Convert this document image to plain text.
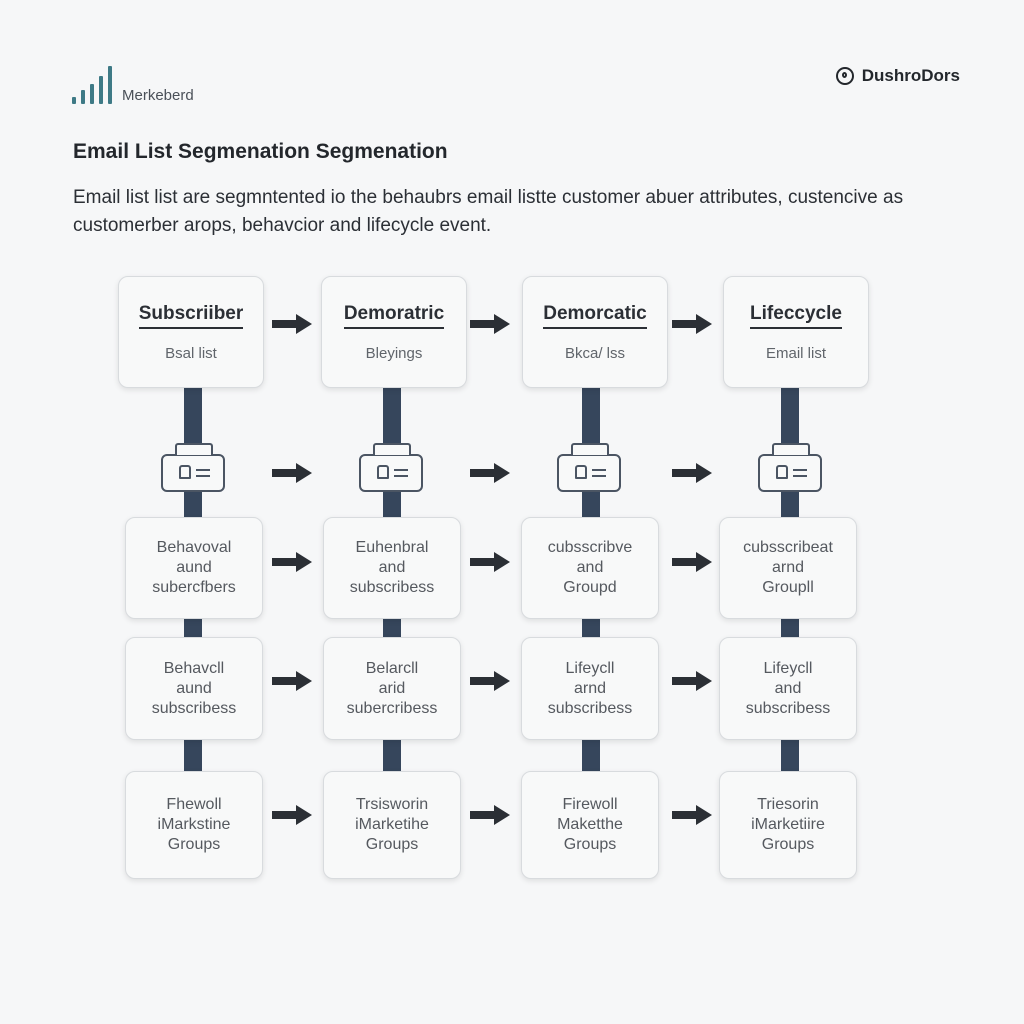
Merkeberd
DushroDors
Email List Segmenation Segmenation

Email list list are segmntented io the behaubrs email listte customer abuer attributes, custencive as customerber arops, behavcior and lifecycle event.

Subscriiber
Bsal list
Demoratric
Bleyings
Demorcatic
Bkca/ lss
Lifeccycle
Email list
Behavoval
aund
subercfbers
Behavcll
aund
subscribess
Fhewoll
iMarkstine
Groups
Euhenbral
and
subscribess
Belarcll
arid
subercribess
Trsisworin
iMarketihe
Groups
cubsscribve
and
Groupd
Lifeycll
arnd
subscribess
Firewoll
Maketthe
Groups
cubsscribeat
arnd
Groupll
Lifeycll
and
subscribess
Triesorin
iMarketiire
Groups
